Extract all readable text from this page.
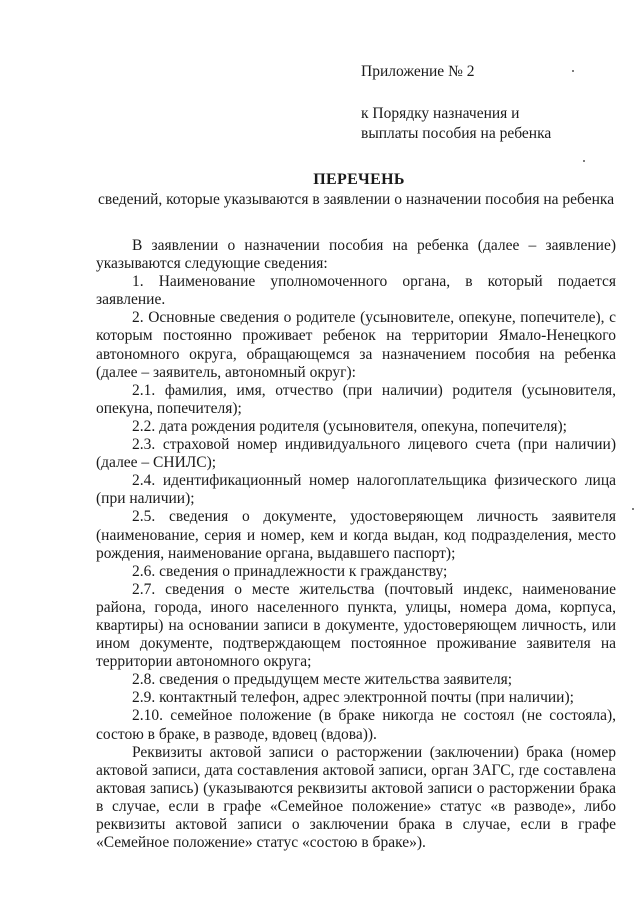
Приложение № 2
к Порядку назначения и
выплаты пособия на ребенка
ПЕРЕЧЕНЬ
сведений, которые указываются в заявлении о назначении пособия на ребенка

В заявлении о назначении пособия на ребенка (далее – заявление) указываются следующие сведения:

1. Наименование уполномоченного органа, в который подается заявление.

2. Основные сведения о родителе (усыновителе, опекуне, попечителе), с которым постоянно проживает ребенок на территории Ямало-Ненецкого автономного округа, обращающемся за назначением пособия на ребенка (далее – заявитель, автономный округ):

2.1. фамилия, имя, отчество (при наличии) родителя (усыновителя, опекуна, попечителя);

2.2. дата рождения родителя (усыновителя, опекуна, попечителя);

2.3. страховой номер индивидуального лицевого счета (при наличии) (далее – СНИЛС);

2.4. идентификационный номер налогоплательщика физического лица (при наличии);

2.5. сведения о документе, удостоверяющем личность заявителя (наименование, серия и номер, кем и когда выдан, код подразделения, место рождения, наименование органа, выдавшего паспорт);

2.6. сведения о принадлежности к гражданству;

2.7. сведения о месте жительства (почтовый индекс, наименование района, города, иного населенного пункта, улицы, номера дома, корпуса, квартиры) на основании записи в документе, удостоверяющем личность, или ином документе, подтверждающем постоянное проживание заявителя на территории автономного округа;

2.8. сведения о предыдущем месте жительства заявителя;

2.9. контактный телефон, адрес электронной почты (при наличии);

2.10. семейное положение (в браке никогда не состоял (не состояла), состою в браке, в разводе, вдовец (вдова)).

Реквизиты актовой записи о расторжении (заключении) брака (номер актовой записи, дата составления актовой записи, орган ЗАГС, где составлена актовая запись) (указываются реквизиты актовой записи о расторжении брака в случае, если в графе «Семейное положение» статус «в разводе», либо реквизиты актовой записи о заключении брака в случае, если в графе «Семейное положение» статус «состою в браке»).
